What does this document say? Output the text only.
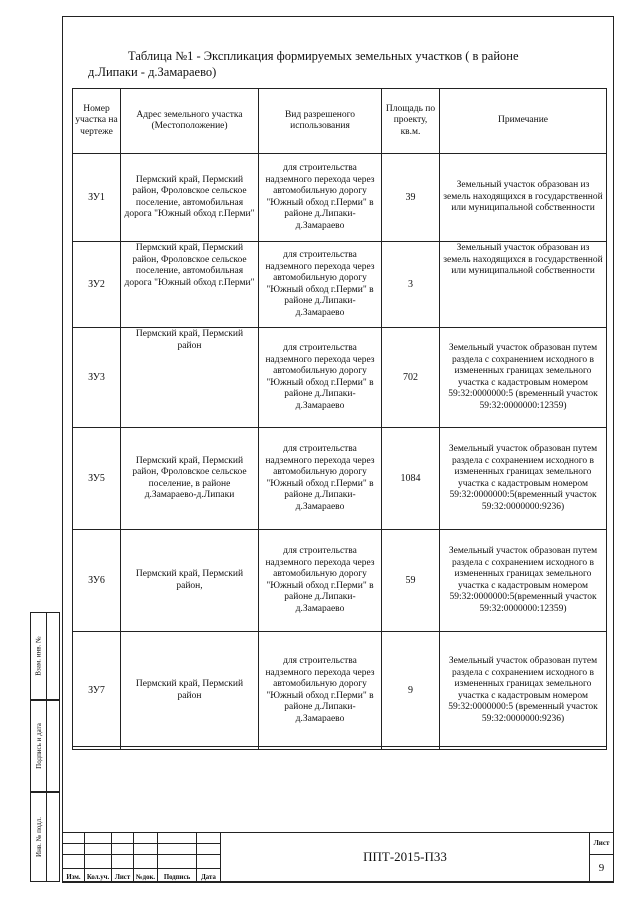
Взам. инв. №
Подпись и дата
Инв. № подл.
Таблица №1 - Экспликация формируемых земельных участков ( в районе
д.Липаки - д.Замараево)
Номер участка на чертеже	Адрес земельного участка (Местоположение)	Вид разрешеного использования	Площадь по проекту, кв.м.	Примечание
ЗУ1	Пермский край, Пермский район, Фроловское сельское поселение, автомобильная дорога "Южный обход г.Перми"	для строительства надземного перехода через автомобильную дорогу "Южный обход г.Перми" в районе д.Липаки-д.Замараево	39	Земельный участок образован из земель находящихся в государственной или муниципальной собственности
ЗУ2	Пермский край, Пермский район, Фроловское сельское поселение, автомобильная дорога "Южный обход г.Перми"	для строительства надземного перехода через автомобильную дорогу "Южный обход г.Перми" в районе д.Липаки-д.Замараево	3	Земельный участок образован из земель находящихся в государственной или муниципальной собственности
ЗУ3	Пермский край, Пермский район	для строительства надземного перехода через автомобильную дорогу "Южный обход г.Перми" в районе д.Липаки-д.Замараево	702	Земельный участок образован путем раздела с сохранением исходного в измененных границах земельного участка с кадастровым номером 59:32:0000000:5 (временный участок 59:32:0000000:12359)
ЗУ5	Пермский край, Пермский район, Фроловское сельское поселение, в районе д.Замараево-д.Липаки	для строительства надземного перехода через автомобильную дорогу "Южный обход г.Перми" в районе д.Липаки-д.Замараево	1084	Земельный участок образован путем раздела с сохранением исходного в измененных границах земельного участка с кадастровым номером 59:32:0000000:5(временный участок 59:32:0000000:9236)
ЗУ6	Пермский край, Пермский район,	для строительства надземного перехода через автомобильную дорогу "Южный обход г.Перми" в районе д.Липаки-д.Замараево	59	Земельный участок образован путем раздела с сохранением исходного в измененных границах земельного участка с кадастровым номером 59:32:0000000:5(временный участок 59:32:0000000:12359)
ЗУ7	Пермский край, Пермский район	для строительства надземного перехода через автомобильную дорогу "Южный обход г.Перми" в районе д.Липаки-д.Замараево	9	Земельный участок образован путем раздела с сохранением исходного в измененных границах земельного участка с кадастровым номером 59:32:0000000:5 (временный участок 59:32:0000000:9236)
						ППТ-2015-П33	Лист

							9
Изм.	Кол.уч.	Лист	№док.	Подпись	Дата		
